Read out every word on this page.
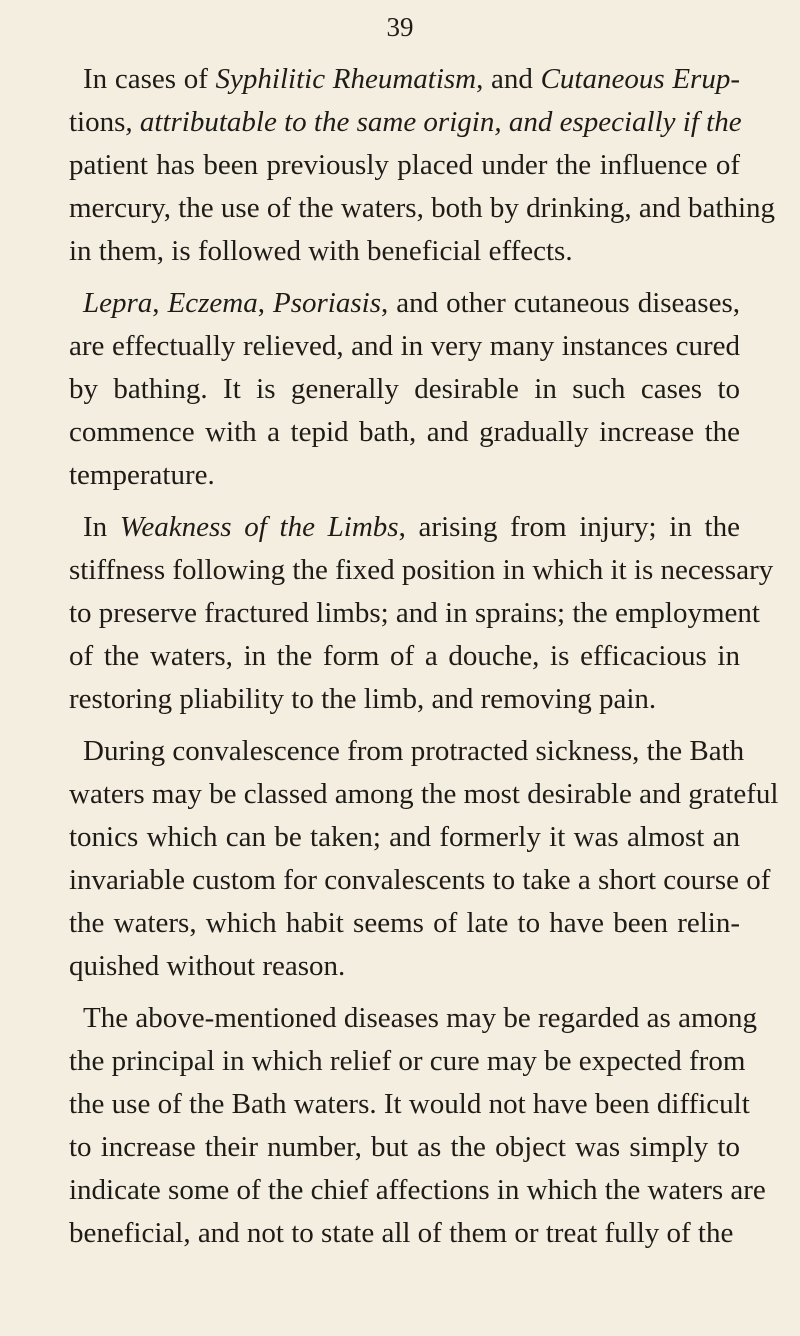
39
In cases of Syphilitic Rheumatism, and Cutaneous Erup-
tions, attributable to the same origin, and especially if the
patient has been previously placed under the influence of
mercury, the use of the waters, both by drinking, and bathing
in them, is followed with beneficial effects.
Lepra, Eczema, Psoriasis, and other cutaneous diseases,
are effectually relieved, and in very many instances cured
by bathing. It is generally desirable in such cases to
commence with a tepid bath, and gradually increase the
temperature.
In Weakness of the Limbs, arising from injury; in the
stiffness following the fixed position in which it is necessary
to preserve fractured limbs; and in sprains; the employment
of the waters, in the form of a douche, is efficacious in
restoring pliability to the limb, and removing pain.
During convalescence from protracted sickness, the Bath
waters may be classed among the most desirable and grateful
tonics which can be taken; and formerly it was almost an
invariable custom for convalescents to take a short course of
the waters, which habit seems of late to have been relin-
quished without reason.
The above-mentioned diseases may be regarded as among
the principal in which relief or cure may be expected from
the use of the Bath waters. It would not have been difficult
to increase their number, but as the object was simply to
indicate some of the chief affections in which the waters are
beneficial, and not to state all of them or treat fully of the
